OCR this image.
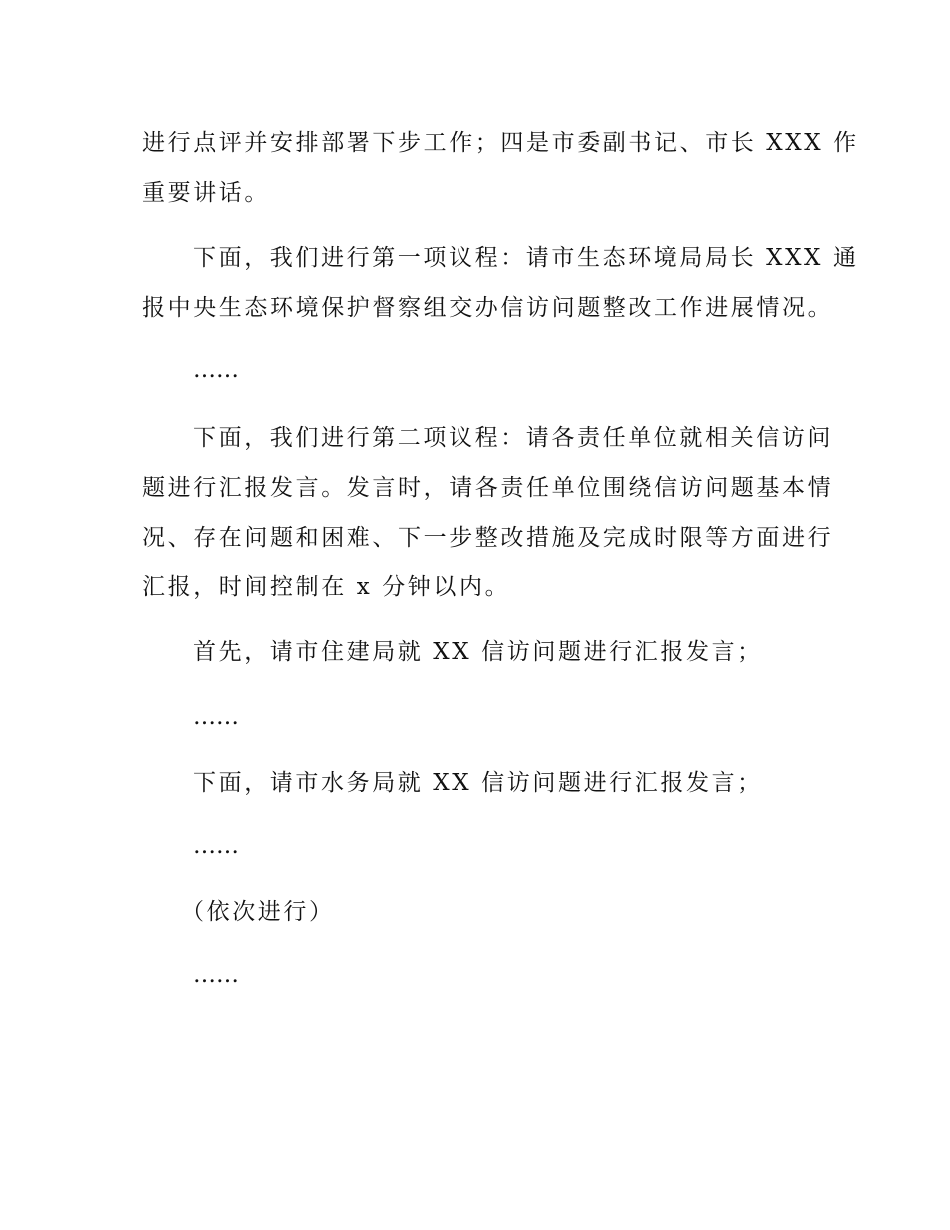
进行点评并安排部署下步工作；四是市委副书记、市长 XXX 作
重要讲话。
下面，我们进行第一项议程：请市生态环境局局长 XXX 通
报中央生态环境保护督察组交办信访问题整改工作进展情况。
……
下面，我们进行第二项议程：请各责任单位就相关信访问
题进行汇报发言。发言时，请各责任单位围绕信访问题基本情
况、存在问题和困难、下一步整改措施及完成时限等方面进行
汇报，时间控制在 x 分钟以内。
首先，请市住建局就 XX 信访问题进行汇报发言；
……
下面，请市水务局就 XX 信访问题进行汇报发言；
……
（依次进行）
……
